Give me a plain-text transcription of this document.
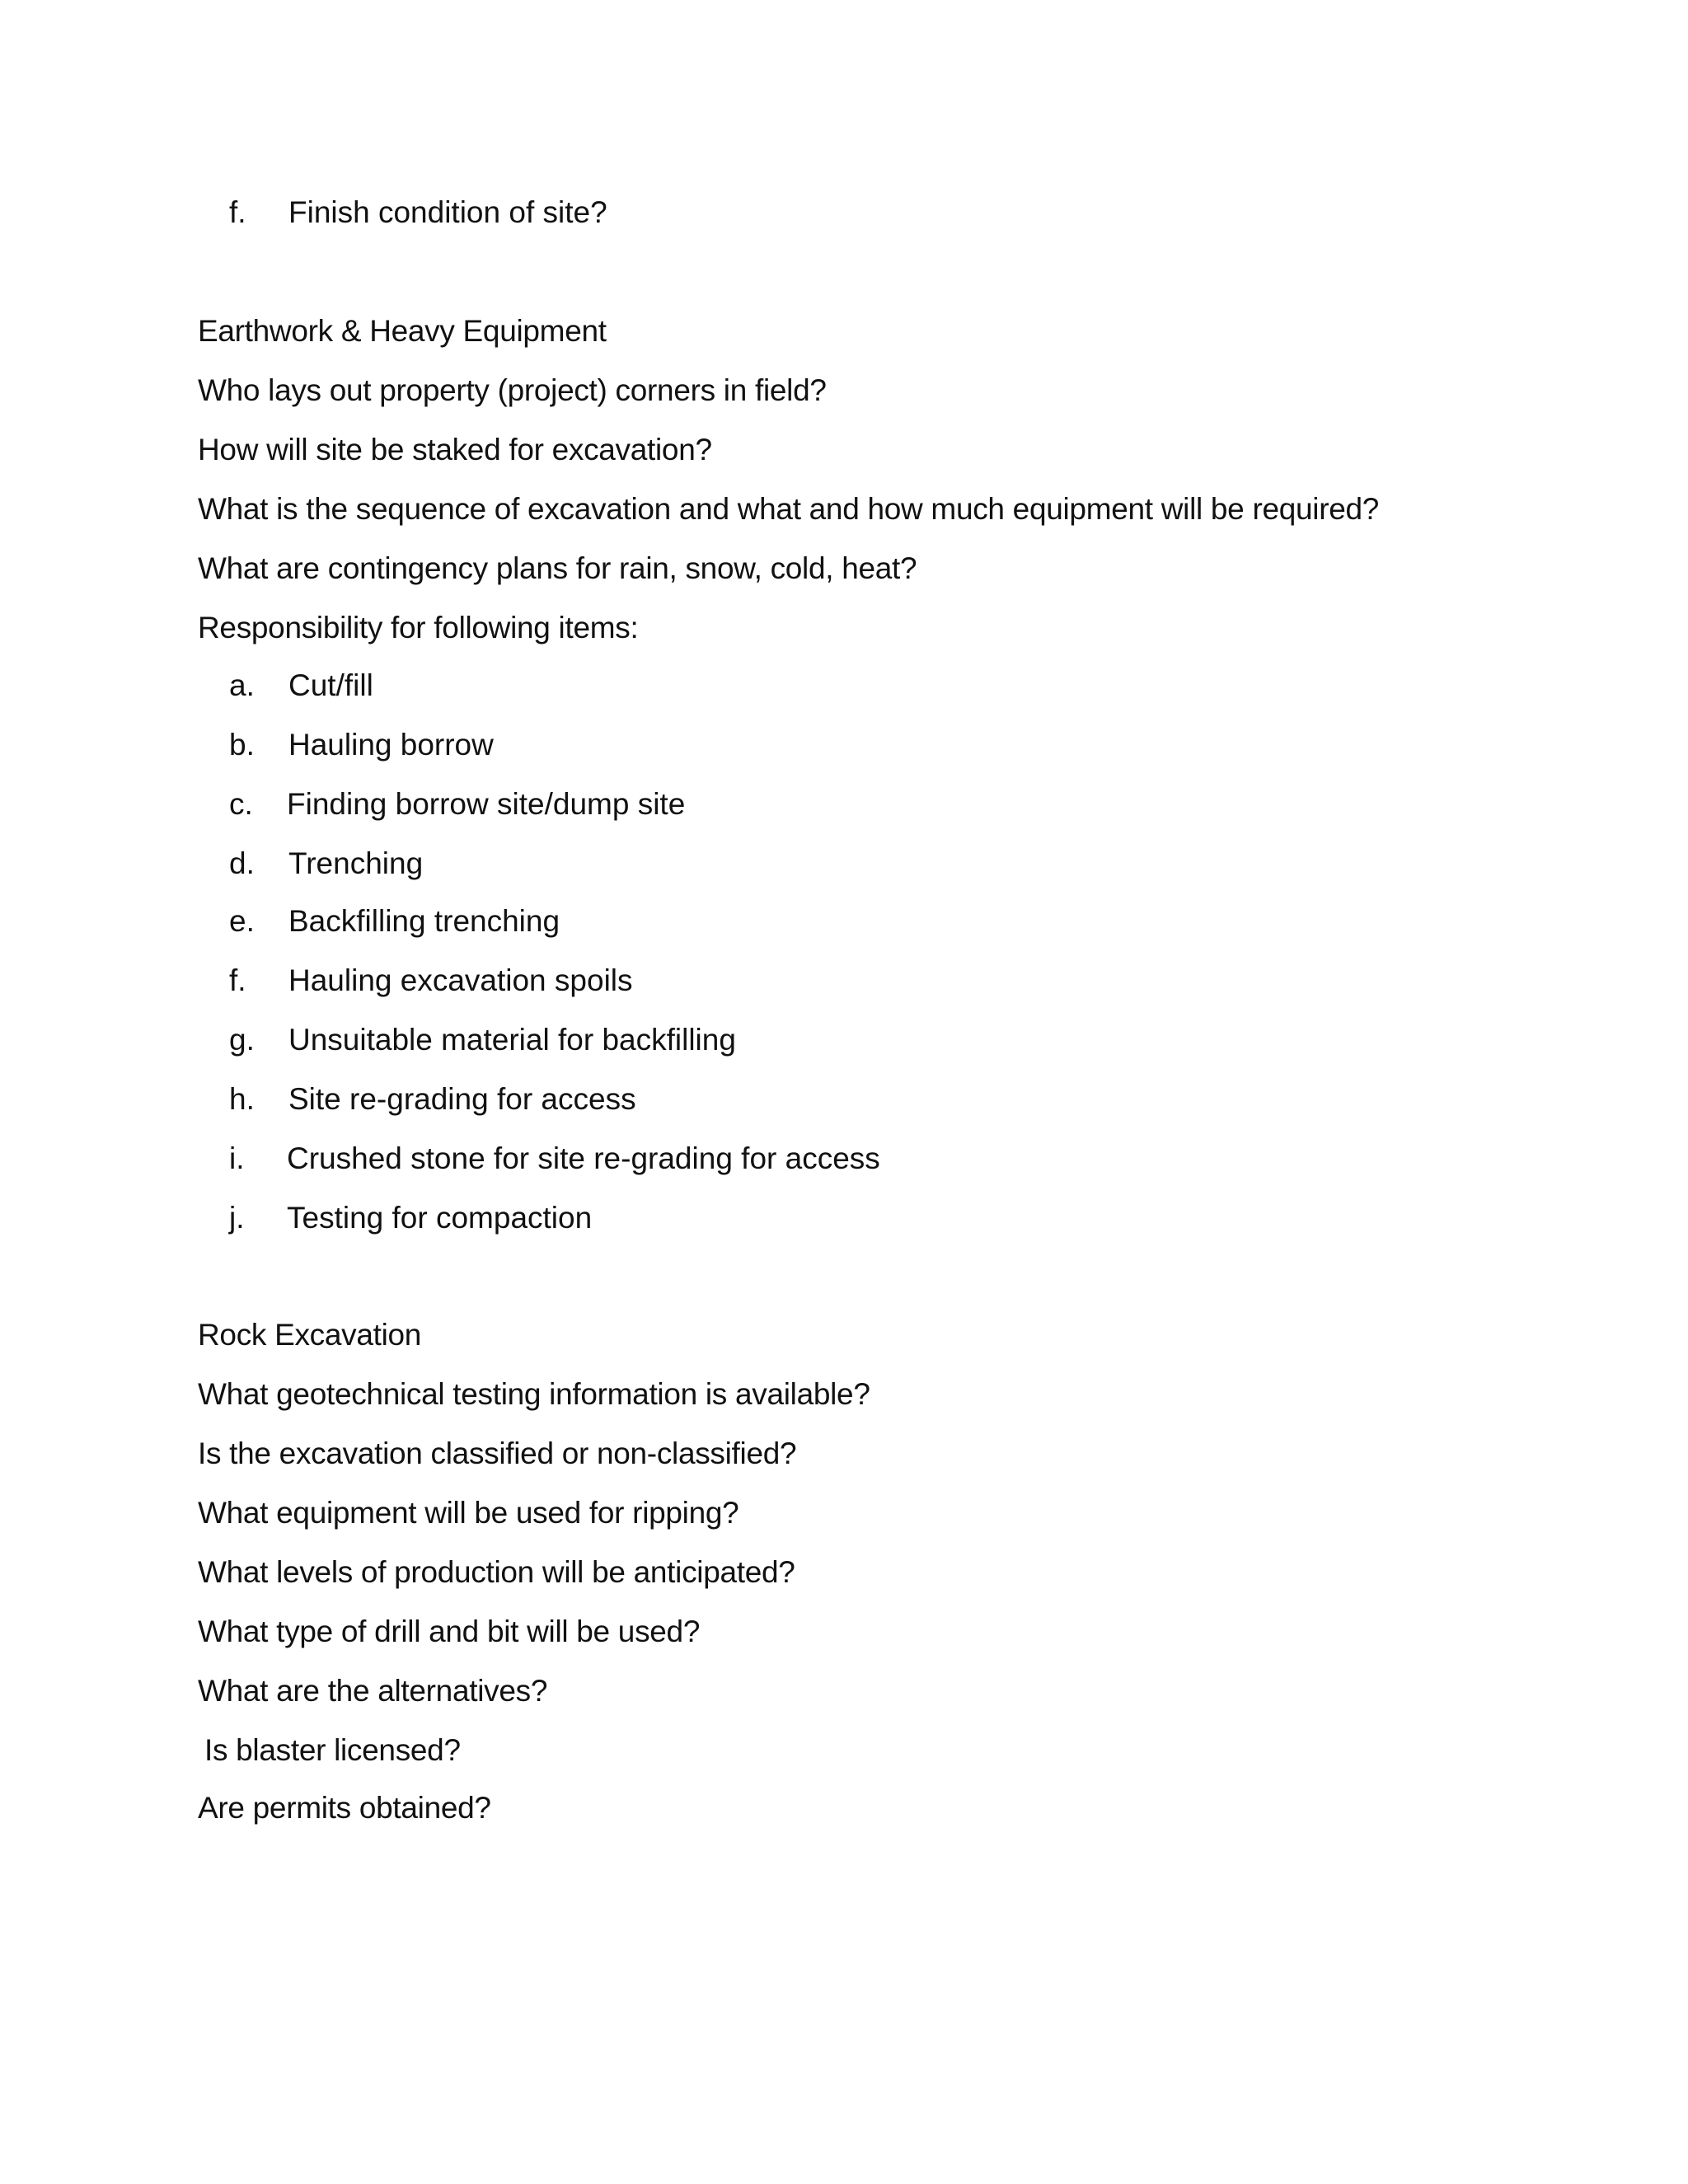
f. Finish condition of site?
Earthwork & Heavy Equipment
Who lays out property (project) corners in field?
How will site be staked for excavation?
What is the sequence of excavation and what and how much equipment will be required?
What are contingency plans for rain, snow, cold, heat?
Responsibility for following items:
a. Cut/fill
b. Hauling borrow
c. Finding borrow site/dump site
d. Trenching
e. Backfilling trenching
f. Hauling excavation spoils
g. Unsuitable material for backfilling
h. Site re-grading for access
i. Crushed stone for site re-grading for access
j. Testing for compaction
Rock Excavation
What geotechnical testing information is available?
Is the excavation classified or non-classified?
What equipment will be used for ripping?
What levels of production will be anticipated?
What type of drill and bit will be used?
What are the alternatives?
Is blaster licensed?
Are permits obtained?
